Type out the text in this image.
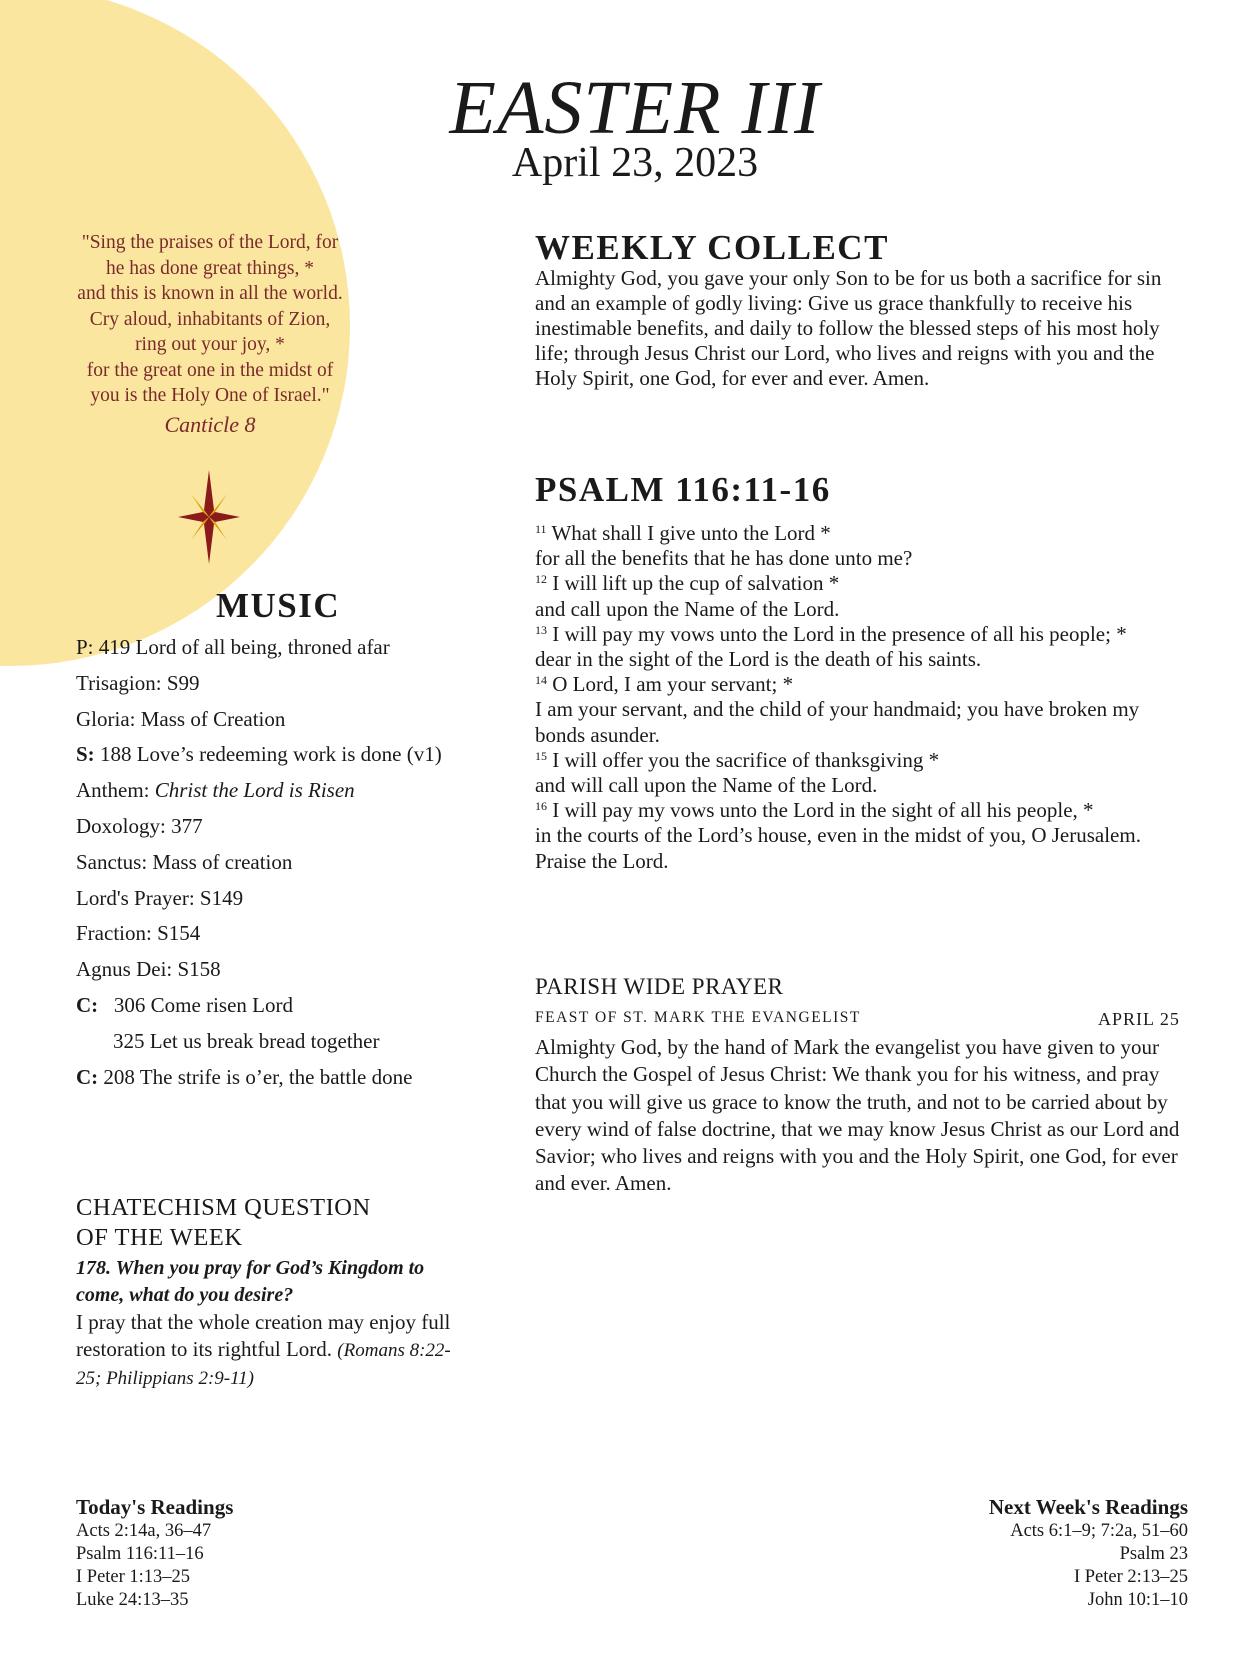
EASTER III
April 23, 2023
"Sing the praises of the Lord, for
he has done great things, *
and this is known in all the world.
Cry aloud, inhabitants of Zion,
ring out your joy, *
for the great one in the midst of
you is the Holy One of Israel."
Canticle 8
MUSIC
P: 419 Lord of all being, throned afar
Trisagion: S99
Gloria: Mass of Creation
S: 188 Love’s redeeming work is done (v1)
Anthem: Christ the Lord is Risen
Doxology: 377
Sanctus: Mass of creation
Lord's Prayer: S149
Fraction: S154
Agnus Dei: S158
C: 306 Come risen Lord
325 Let us break bread together
C: 208 The strife is o’er, the battle done
CHATECHISM QUESTION
OF THE WEEK
178. When you pray for God’s Kingdom to come, what do you desire?
I pray that the whole creation may enjoy full restoration to its rightful Lord. (Romans 8:22-25; Philippians 2:9-11)
WEEKLY COLLECT
Almighty God, you gave your only Son to be for us both a sacrifice for sin and an example of godly living: Give us grace thankfully to receive his inestimable benefits, and daily to follow the blessed steps of his most holy life; through Jesus Christ our Lord, who lives and reigns with you and the Holy Spirit, one God, for ever and ever. Amen.
PSALM 116:11-16
$^{11}$ What shall I give unto the Lord *
for all the benefits that he has done unto me?
$^{12}$ I will lift up the cup of salvation *
and call upon the Name of the Lord.
$^{13}$ I will pay my vows unto the Lord in the presence of all his people; *
dear in the sight of the Lord is the death of his saints.
$^{14}$ O Lord, I am your servant; *
I am your servant, and the child of your handmaid; you have broken my bonds asunder.
$^{15}$ I will offer you the sacrifice of thanksgiving *
and will call upon the Name of the Lord.
$^{16}$ I will pay my vows unto the Lord in the sight of all his people, *
in the courts of the Lord’s house, even in the midst of you, O Jerusalem.
Praise the Lord.
PARISH WIDE PRAYER
FEAST OF ST. MARK THE EVANGELIST	APRIL 25
Almighty God, by the hand of Mark the evangelist you have given to your Church the Gospel of Jesus Christ: We thank you for his witness, and pray that you will give us grace to know the truth, and not to be carried about by every wind of false doctrine, that we may know Jesus Christ as our Lord and Savior; who lives and reigns with you and the Holy Spirit, one God, for ever and ever. Amen.
Today's Readings
Acts 2:14a, 36–47
Psalm 116:11–16
I Peter 1:13–25
Luke 24:13–35
Next Week's Readings
Acts 6:1–9; 7:2a, 51–60
Psalm 23
I Peter 2:13–25
John 10:1–10
